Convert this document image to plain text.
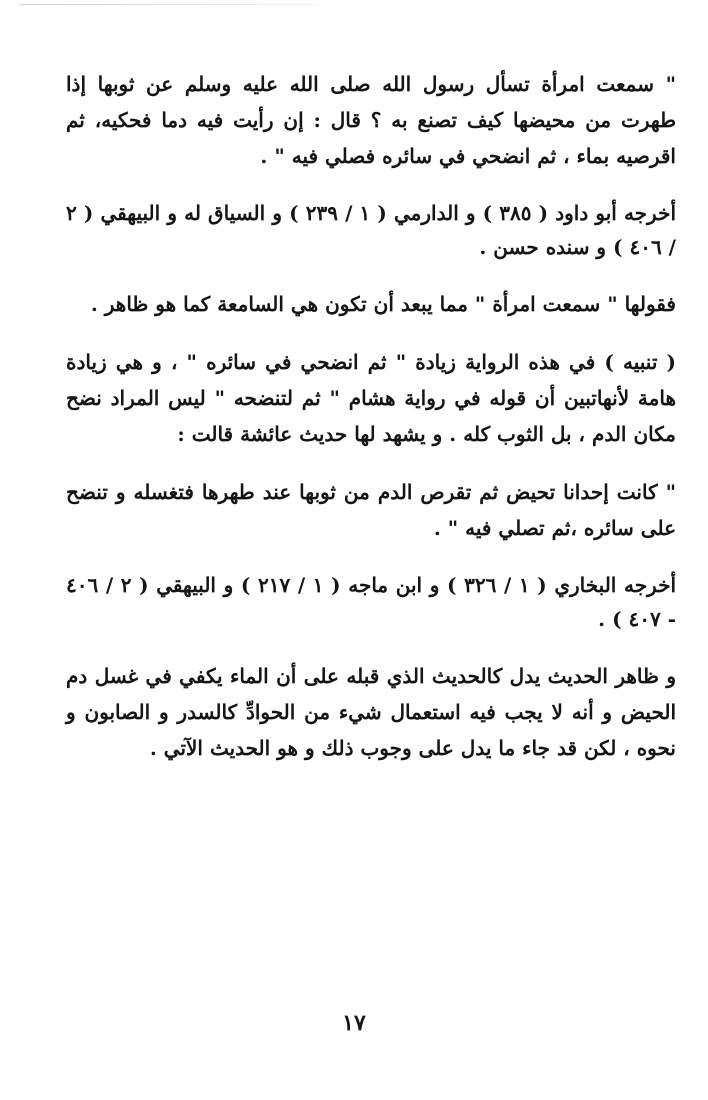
" سمعت امرأة تسأل رسول الله صلى الله عليه وسلم عن ثوبها إذا طهرت من محيضها كيف تصنع به ؟ قال : إن رأيت فيه دما فحكيه، ثم اقرصيه بماء ، ثم انضحي في سائره فصلي فيه " .

أخرجه أبو داود ( ٣٨٥ ) و الدارمي ( ١ / ٢٣٩ ) و السياق له و البيهقي ( ٢ / ٤٠٦ ) و سنده حسن .

فقولها " سمعت امرأة " مما يبعد أن تكون هي السامعة كما هو ظاهر .

( تنبيه ) في هذه الرواية زيادة " ثم انضحي في سائره " ، و هي زيادة هامة لأنهاتبين أن قوله في رواية هشام " ثم لتنضحه " ليس المراد نضح مكان الدم ، بل الثوب كله . و يشهد لها حديث عائشة قالت :

" كانت إحدانا تحيض ثم تقرص الدم من ثوبها عند طهرها فتغسله و تنضح على سائره ،ثم تصلي فيه " .

أخرجه البخاري ( ١ / ٣٢٦ ) و ابن ماجه ( ١ / ٢١٧ ) و البيهقي ( ٢ / ٤٠٦ - ٤٠٧ ) .

و ظاهر الحديث يدل كالحديث الذي قبله على أن الماء يكفي في غسل دم الحيض و أنه لا يجب فيه استعمال شيء من الحوادِّ كالسدر و الصابون و نحوه ، لكن قد جاء ما يدل على وجوب ذلك و هو الحديث الآتي .

١٧
